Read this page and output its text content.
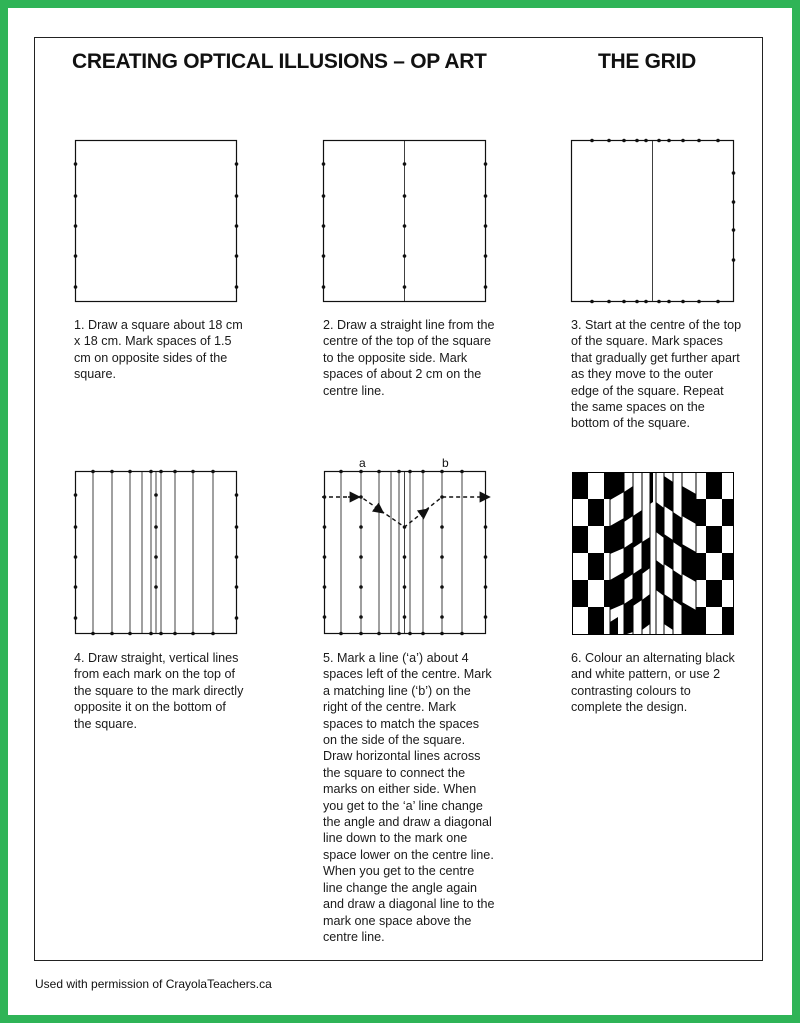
CREATING OPTICAL ILLUSIONS – OP ART	THE GRID
a	b
1. Draw a square about 18 cm x 18 cm. Mark spaces of 1.5 cm on opposite sides of the square.
2. Draw a straight line from the centre of the top of the square to the opposite side. Mark spaces of about 2 cm on the centre line.
3. Start at the centre of the top of the square. Mark spaces that gradually get further apart as they move to the outer edge of the square. Repeat the same spaces on the bottom of the square.
4. Draw straight, vertical lines from each mark on the top of the square to the mark directly opposite it on the bottom of the square.
5. Mark a line (‘a’) about 4 spaces left of the centre. Mark a matching line (‘b’) on the right of the centre. Mark spaces to match the spaces on the side of the square. Draw horizontal lines across the square to connect the marks on either side. When you get to the ‘a’ line change the angle and draw a diagonal line down to the mark one space lower on the centre line. When you get to the centre line change the angle again and draw a diagonal line to the mark one space above the centre line.
6. Colour an alternating black and white pattern, or use 2 contrasting colours to complete the design.
Used with permission of CrayolaTeachers.ca
